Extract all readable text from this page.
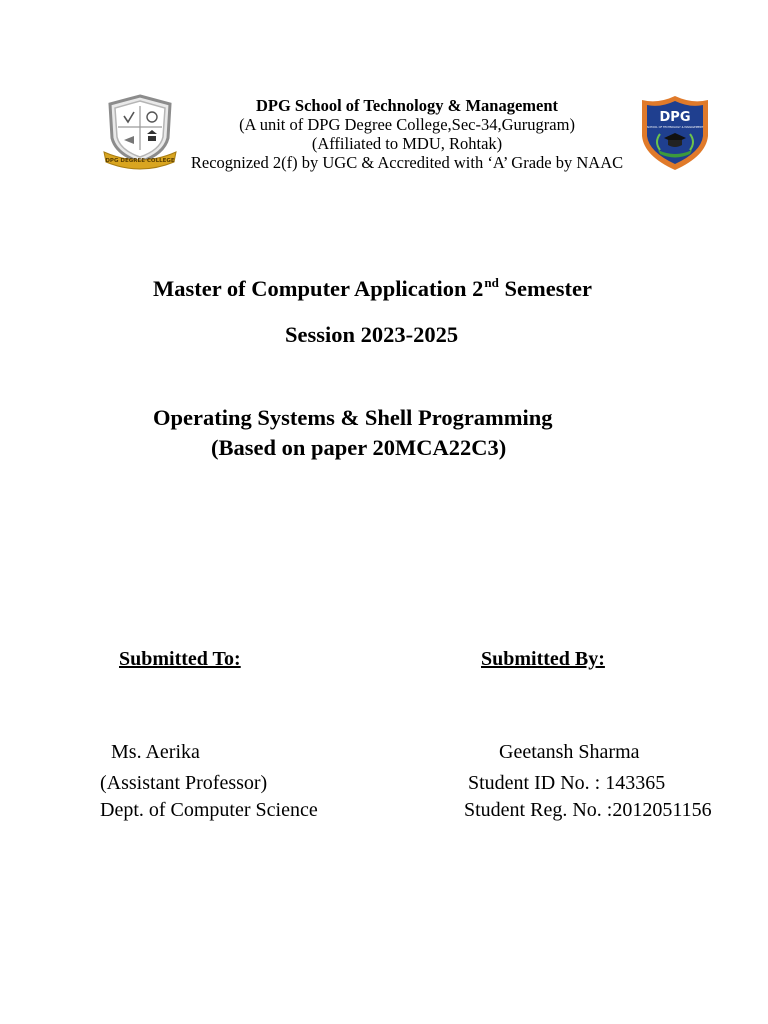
DPG DEGREE COLLEGE
DPG School of Technology & Management
(A unit of DPG Degree College,Sec-34,Gurugram)
(Affiliated to MDU, Rohtak)
Recognized 2(f) by UGC & Accredited with ‘A’ Grade by NAAC
DPG
SCHOOL OF TECHNOLOGY & MANAGEMENT
Master of Computer Application 2nd Semester
Session 2023-2025
Operating Systems & Shell Programming
(Based on paper 20MCA22C3)
Submitted To:
Ms. Aerika
(Assistant Professor)
Dept. of Computer Science
Submitted By:
Geetansh Sharma
Student ID No. : 143365
Student Reg. No. :2012051156
